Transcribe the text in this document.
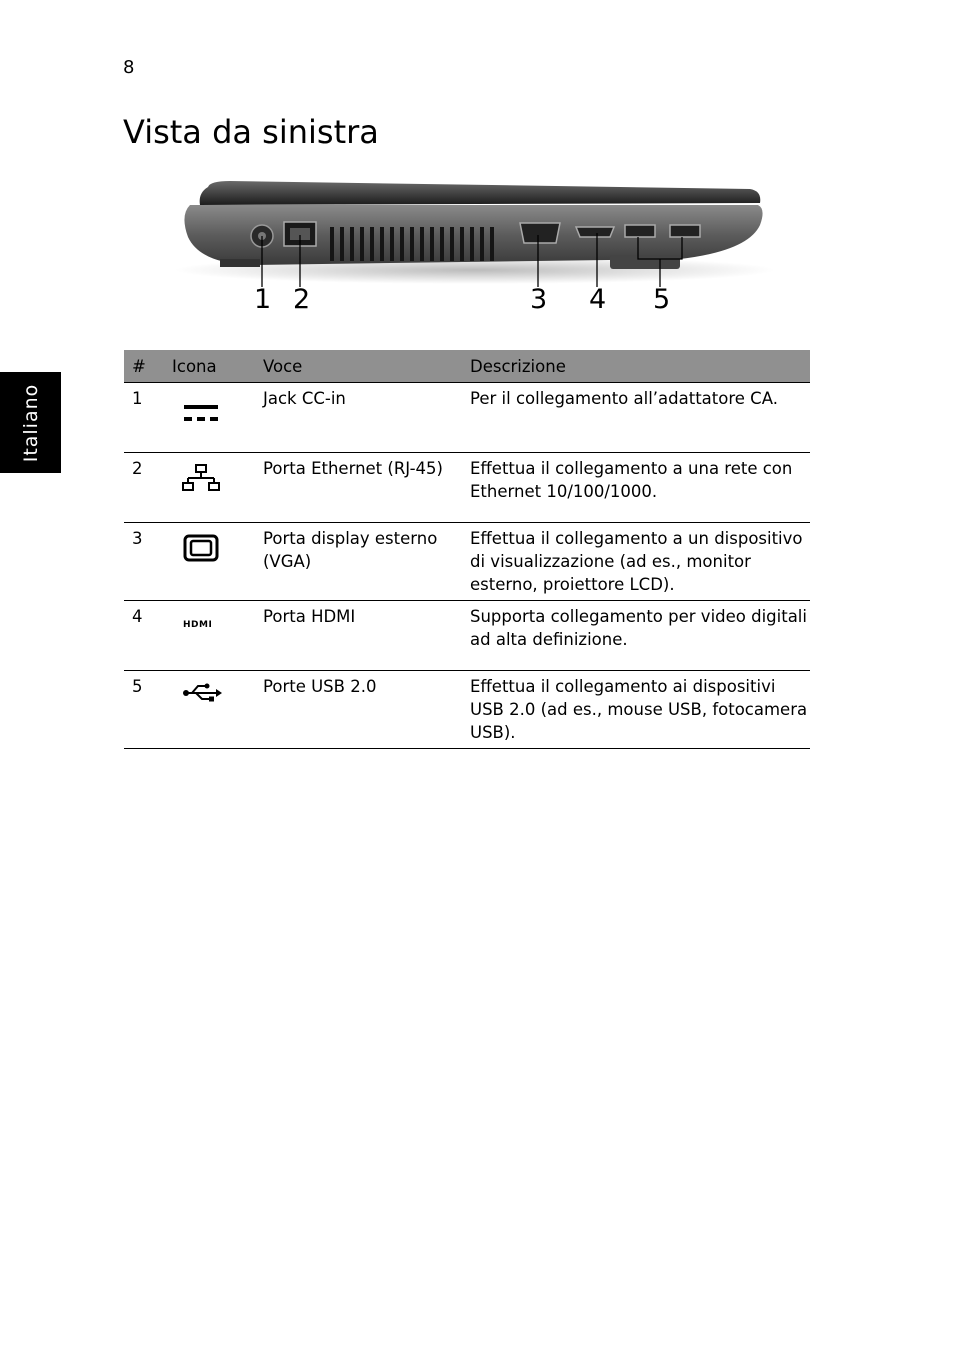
8
Italiano
Vista da sinistra
1 2	3 4 5
#	Icona	Voce	Descrizione
1		Jack CC-in	Per il collegamento all’adattatore CA.
2		Porta Ethernet (RJ-45)	Effettua il collegamento a una rete con Ethernet 10/100/1000.
3		Porta display esterno (VGA)	Effettua il collegamento a un dispositivo di visualizzazione (ad es., monitor esterno, proiettore LCD).
4	HDMI	Porta HDMI	Supporta collegamento per video digitali ad alta definizione.
5		Porte USB 2.0	Effettua il collegamento ai dispositivi USB 2.0 (ad es., mouse USB, fotocamera USB).
